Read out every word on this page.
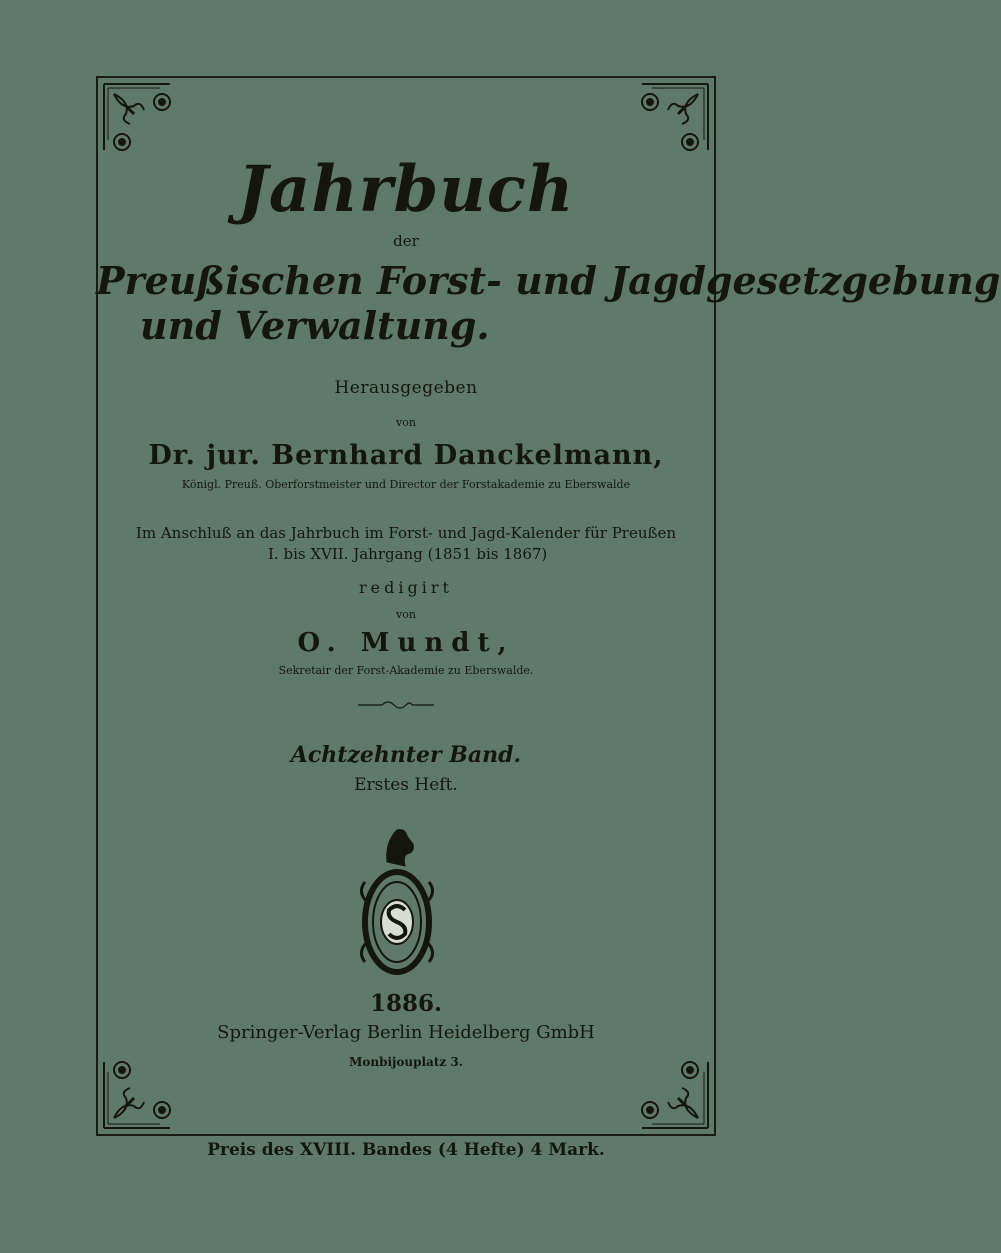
Jahrbuch
der
Preußischen Forst- und Jagdgesetzgebung
und Verwaltung.
Herausgegeben
von
Dr. jur. Bernhard Danckelmann,
Königl. Preuß. Oberforstmeister und Director der Forstakademie zu Eberswalde
Im Anschluß an das Jahrbuch im Forst- und Jagd-Kalender für Preußen
I. bis XVII. Jahrgang (1851 bis 1867)
redigirt
von
O. Mundt,
Sekretair der Forst-Akademie zu Eberswalde.
Achtzehnter Band.
Erstes Heft.
1886.
Springer-Verlag Berlin Heidelberg GmbH
Monbijouplatz 3.
Preis des XVIII. Bandes (4 Hefte) 4 Mark.
